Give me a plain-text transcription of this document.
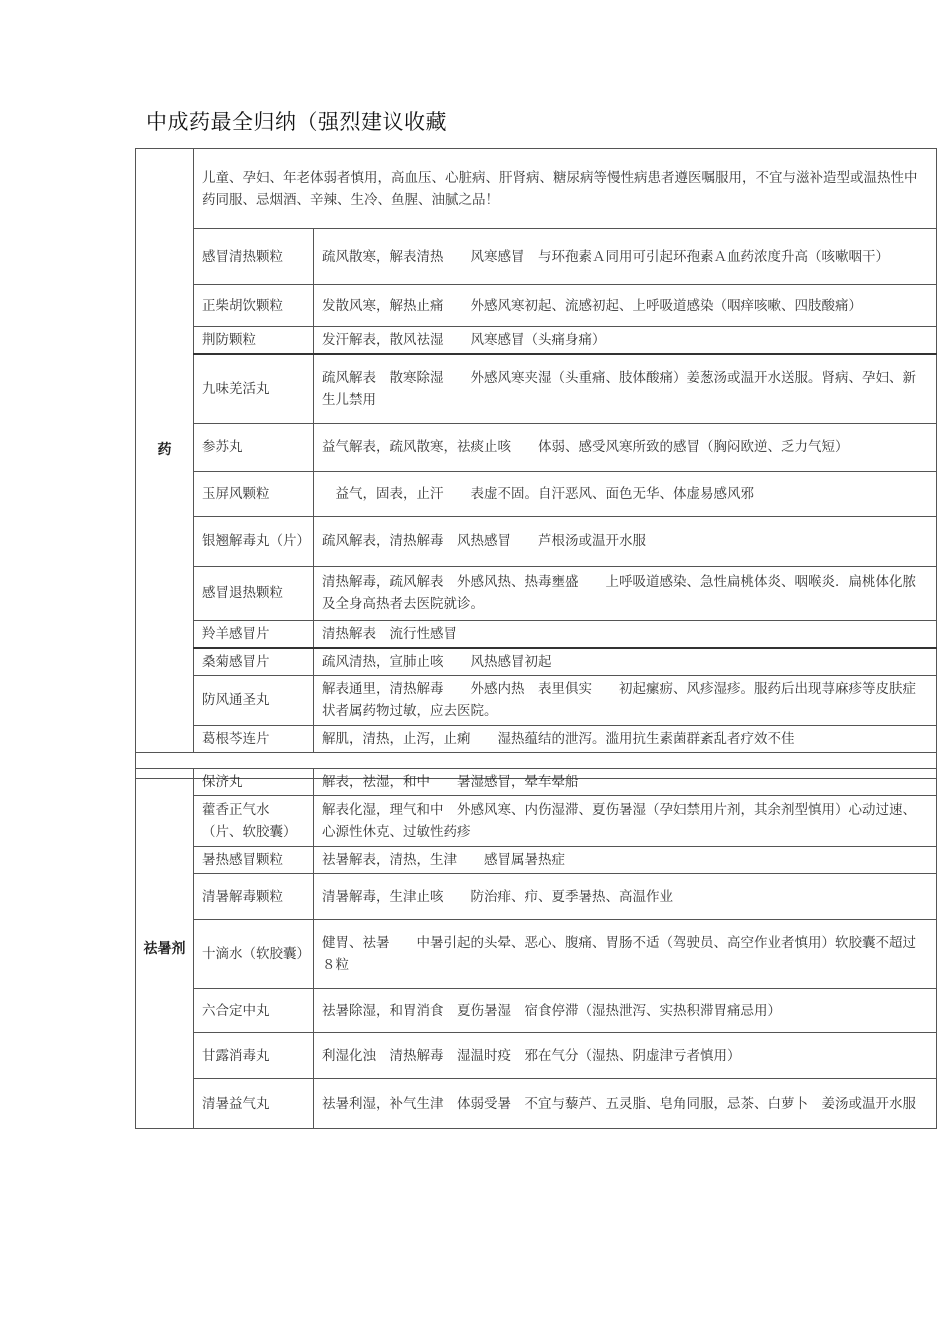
中成药最全归纳（强烈建议收藏
药	儿童、孕妇、年老体弱者慎用，高血压、心脏病、肝肾病、糖尿病等慢性病患者遵医嘱服用，不宜与滋补造型或温热性中药同服、忌烟酒、辛辣、生冷、鱼腥、油腻之品！	
	感冒清热颗粒	疏风散寒，解表清热　　风寒感冒　与环孢素Ａ同用可引起环孢素Ａ血药浓度升高（咳嗽咽干）
	正柴胡饮颗粒	发散风寒，解热止痛　　外感风寒初起、流感初起、上呼吸道感染（咽痒咳嗽、四肢酸痛）
	荆防颗粒	发汗解表，散风祛湿　　风寒感冒（头痛身痛）
	九味羌活丸	疏风解表　散寒除湿　　外感风寒夹湿（头重痛、肢体酸痛）姜葱汤或温开水送服。肾病、孕妇、新生儿禁用
	参苏丸	益气解表，疏风散寒，祛痰止咳　　体弱、感受风寒所致的感冒（胸闷欧逆、乏力气短）
	玉屏风颗粒	　益气，固表，止汗　　表虚不固。自汗恶风、面色无华、体虚易感风邪
	银翘解毒丸（片）	疏风解表，清热解毒　风热感冒　　芦根汤或温开水服
	感冒退热颗粒	清热解毒，疏风解表　外感风热、热毒壅盛　　上呼吸道感染、急性扁桃体炎、咽喉炎．扁桃体化脓及全身高热者去医院就诊。
	羚羊感冒片	清热解表　流行性感冒
	桑菊感冒片	疏风清热，宣肺止咳　　风热感冒初起
	防风通圣丸	解表通里，清热解毒　　外感内热　表里俱实　　初起瘰疬、风疹湿疹。服药后出现荨麻疹等皮肤症状者属药物过敏，应去医院。
	葛根芩连片	解肌，清热，止泻，止痢　　湿热蕴结的泄泻。滥用抗生素菌群紊乱者疗效不佳

祛暑剂	保济丸	解表，祛湿，和中　　暑湿感冒，晕车晕船
	藿香正气水（片、软胶囊）	解表化湿，理气和中　外感风寒、内伤湿滞、夏伤暑湿（孕妇禁用片剂，其余剂型慎用）心动过速、心源性休克、过敏性药疹
	暑热感冒颗粒	祛暑解表，清热，生津　　感冒属暑热症
	清暑解毒颗粒	清暑解毒，生津止咳　　防治痱、疖、夏季暑热、高温作业
	十滴水（软胶囊）	健胃、祛暑　　中暑引起的头晕、恶心、腹痛、胃肠不适（驾驶员、高空作业者慎用）软胶囊不超过８粒
	六合定中丸	祛暑除湿，和胃消食　夏伤暑湿　宿食停滞（湿热泄泻、实热积滞胃痛忌用）
	甘露消毒丸	利湿化浊　清热解毒　湿温时疫　邪在气分（湿热、阴虚津亏者慎用）
	清暑益气丸	祛暑利湿，补气生津　体弱受暑　不宜与藜芦、五灵脂、皂角同服，忌茶、白萝卜　姜汤或温开水服
